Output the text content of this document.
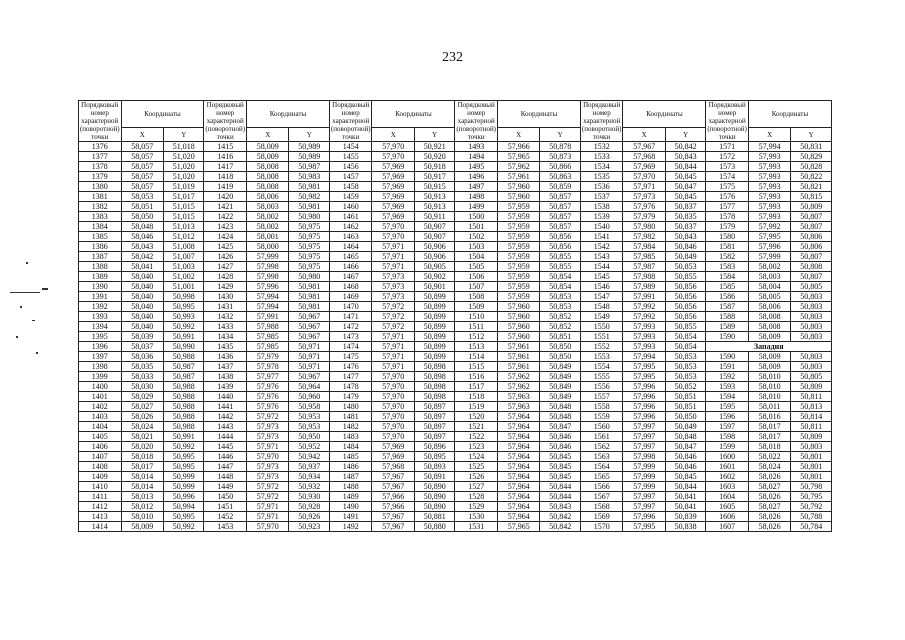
232
Порядковый номер характерной (поворотной) точки	Координаты		Порядковый номер характерной (поворотной) точки	Координаты		Порядковый номер характерной (поворотной) точки	Координаты		Порядковый номер характерной (поворотной) точки	Координаты		Порядковый номер характерной (поворотной) точки	Координаты		Порядковый номер характерной (поворотной) точки	Координаты	
	X	Y		X	Y		X	Y		X	Y		X	Y		X	Y
1376	58,057	51,018	1415	58,009	50,989	1454	57,970	50,921	1493	57,966	50,878	1532	57,967	50,842	1571	57,994	50,831
1377	58,057	51,020	1416	58,009	50,989	1455	57,970	50,920	1494	57,965	50,873	1533	57,968	50,843	1572	57,993	50,829
1378	58,057	51,020	1417	58,008	50,987	1456	57,969	50,918	1495	57,962	50,866	1534	57,969	50,844	1573	57,993	50,828
1379	58,057	51,020	1418	58,008	50,983	1457	57,969	50,917	1496	57,961	50,863	1535	57,970	50,845	1574	57,993	50,822
1380	58,057	51,019	1419	58,008	50,981	1458	57,969	50,915	1497	57,960	50,859	1536	57,971	50,847	1575	57,993	50,821
1381	58,053	51,017	1420	58,006	50,982	1459	57,969	50,913	1498	57,960	50,857	1537	57,973	50,845	1576	57,993	50,815
1382	58,051	51,015	1421	58,003	50,981	1460	57,969	50,913	1499	57,959	50,857	1538	57,976	50,837	1577	57,993	50,809
1383	58,050	51,015	1422	58,002	50,980	1461	57,969	50,911	1500	57,959	50,857	1539	57,979	50,835	1578	57,993	50,807
1384	58,048	51,013	1423	58,002	50,975	1462	57,970	50,907	1501	57,959	50,857	1540	57,980	50,837	1579	57,992	50,807
1385	58,046	51,012	1424	58,001	50,975	1463	57,970	50,907	1502	57,959	50,856	1541	57,982	50,843	1580	57,995	50,806
1386	58,043	51,008	1425	58,000	50,975	1464	57,971	50,906	1503	57,959	50,856	1542	57,984	50,846	1581	57,996	50,806
1387	58,042	51,007	1426	57,999	50,975	1465	57,971	50,906	1504	57,959	50,855	1543	57,985	50,849	1582	57,999	50,807
1388	58,041	51,003	1427	57,998	50,975	1466	57,971	50,905	1505	57,959	50,855	1544	57,987	50,853	1583	58,002	50,808
1389	58,040	51,002	1428	57,998	50,980	1467	57,973	50,902	1506	57,959	50,854	1545	57,988	50,855	1584	58,003	50,807
1390	58,040	51,001	1429	57,996	50,981	1468	57,973	50,901	1507	57,959	50,854	1546	57,989	50,856	1585	58,004	50,805
1391	58,040	50,998	1430	57,994	50,981	1469	57,973	50,899	1508	57,959	50,853	1547	57,991	50,856	1586	58,005	50,803
1392	58,040	50,995	1431	57,994	50,981	1470	57,972	50,899	1509	57,960	50,853	1548	57,992	50,856	1587	58,006	50,803
1393	58,040	50,993	1432	57,991	50,967	1471	57,972	50,899	1510	57,960	50,852	1549	57,992	50,856	1588	58,008	50,803
1394	58,040	50,992	1433	57,988	50,967	1472	57,972	50,899	1511	57,960	50,852	1550	57,993	50,855	1589	58,008	50,803
1395	58,039	50,991	1434	57,985	50,967	1473	57,971	50,899	1512	57,960	50,851	1551	57,993	50,854	1590	58,009	50,803
1396	58,037	50,990	1435	57,985	50,971	1474	57,971	50,899	1513	57,961	50,850	1552	57,993	50,854	Западня		
1397	58,036	50,988	1436	57,979	50,971	1475	57,971	50,899	1514	57,961	50,850	1553	57,994	50,853	1590	58,009	50,803
1398	58,035	50,987	1437	57,978	50,971	1476	57,971	50,898	1515	57,961	50,849	1554	57,995	50,853	1591	58,009	50,803
1399	58,033	50,987	1438	57,977	50,967	1477	57,970	50,898	1516	57,962	50,849	1555	57,995	50,853	1592	58,010	50,805
1400	58,030	50,988	1439	57,976	50,964	1478	57,970	50,898	1517	57,962	50,849	1556	57,996	50,852	1593	58,010	50,809
1401	58,029	50,988	1440	57,976	50,960	1479	57,970	50,898	1518	57,963	50,849	1557	57,996	50,851	1594	58,010	50,811
1402	58,027	50,988	1441	57,976	50,958	1480	57,970	50,897	1519	57,963	50,848	1558	57,996	50,851	1595	58,011	50,813
1403	58,026	50,988	1442	57,972	50,953	1481	57,970	50,897	1520	57,964	50,848	1559	57,996	50,850	1596	58,016	50,814
1404	58,024	50,988	1443	57,973	50,953	1482	57,970	50,897	1521	57,964	50,847	1560	57,997	50,849	1597	58,017	50,811
1405	58,021	50,991	1444	57,973	50,950	1483	57,970	50,897	1522	57,964	50,846	1561	57,997	50,848	1598	58,017	50,809
1406	58,020	50,992	1445	57,971	50,952	1484	57,969	50,896	1523	57,964	50,846	1562	57,997	50,847	1599	58,018	50,803
1407	58,018	50,995	1446	57,970	50,942	1485	57,969	50,895	1524	57,964	50,845	1563	57,998	50,846	1600	58,022	50,801
1408	58,017	50,995	1447	57,973	50,937	1486	57,968	50,893	1525	57,964	50,845	1564	57,999	50,846	1601	58,024	50,801
1409	58,014	50,999	1448	57,973	50,934	1487	57,967	50,891	1526	57,964	50,845	1565	57,999	50,845	1602	58,026	50,801
1410	58,014	50,999	1449	57,972	50,932	1488	57,967	50,890	1527	57,964	50,844	1566	57,999	50,844	1603	58,027	50,798
1411	58,013	50,996	1450	57,972	50,930	1489	57,966	50,890	1528	57,964	50,844	1567	57,997	50,841	1604	58,026	50,795
1412	58,012	50,994	1451	57,971	50,928	1490	57,966	50,890	1529	57,964	50,843	1568	57,997	50,841	1605	58,027	50,792
1413	58,010	50,995	1452	57,971	50,926	1491	57,967	50,881	1530	57,964	50,842	1569	57,996	50,839	1606	58,026	50,788
1414	58,009	50,992	1453	57,970	50,923	1492	57,967	50,880	1531	57,965	50,842	1570	57,995	50,838	1607	58,026	50,784
